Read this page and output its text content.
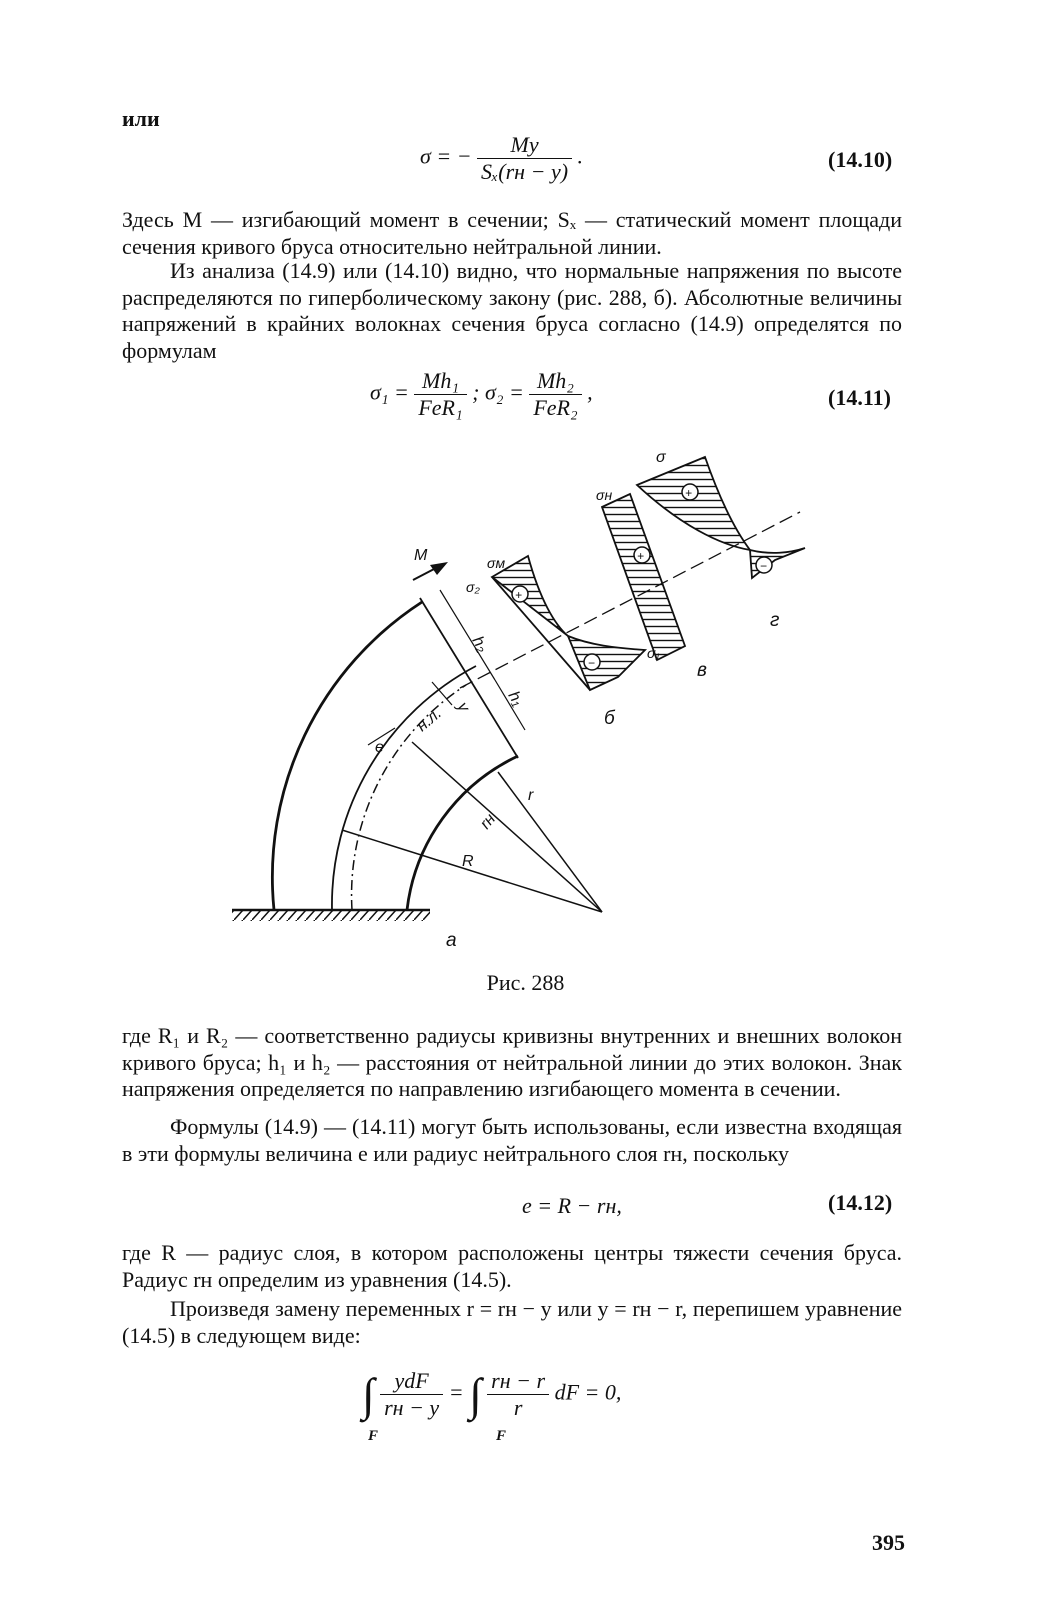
или
σ = − $\frac{My}{\text{Sₓ(rн − y)}}$ .	(14.10)
Здесь M — изгибающий момент в сечении; Sₓ — статический момент площади сечения кривого бруса относительно нейтральной линии.
Из анализа (14.9) или (14.10) видно, что нормальные напряжения по высоте распределяются по гиперболическому закону (рис. 288, б). Абсолютные величины напряжений в крайних волокнах сечения бруса согласно (14.9) определятся по формулам
$\sigma_1 = \frac{\text{Mh₁}}{\text{FeR₁}}$ ; $\sigma_2 = \frac{\text{Mh₂}}{\text{FeR₂}}$ ,	(14.11)
M
h₂
h₁
y
н.л.
e
r
rн
R
σм
σ₂
σ₁
σн
σ
в
г
б
а
+
−
+
+
−
Рис. 288
где R₁ и R₂ — соответственно радиусы кривизны внутренних и внешних волокон кривого бруса; h₁ и h₂ — расстояния от нейтральной линии до этих волокон. Знак напряжения определяется по направлению изгибающего момента в сечении.
Формулы (14.9) — (14.11) могут быть использованы, если известна входящая в эти формулы величина e или радиус нейтрального слоя rн, поскольку
e = R − rн,	(14.12)
где R — радиус слоя, в котором расположены центры тяжести сечения бруса. Радиус rн определим из уравнения (14.5).
Произведя замену переменных r = rн − y или y = rн − r, перепишем уравнение (14.5) в следующем виде:
∫ $\frac{\text{ydF}}{rн - y}$ = ∫ $\frac{rн - r}{r}$ dF = 0,
F	F
395
